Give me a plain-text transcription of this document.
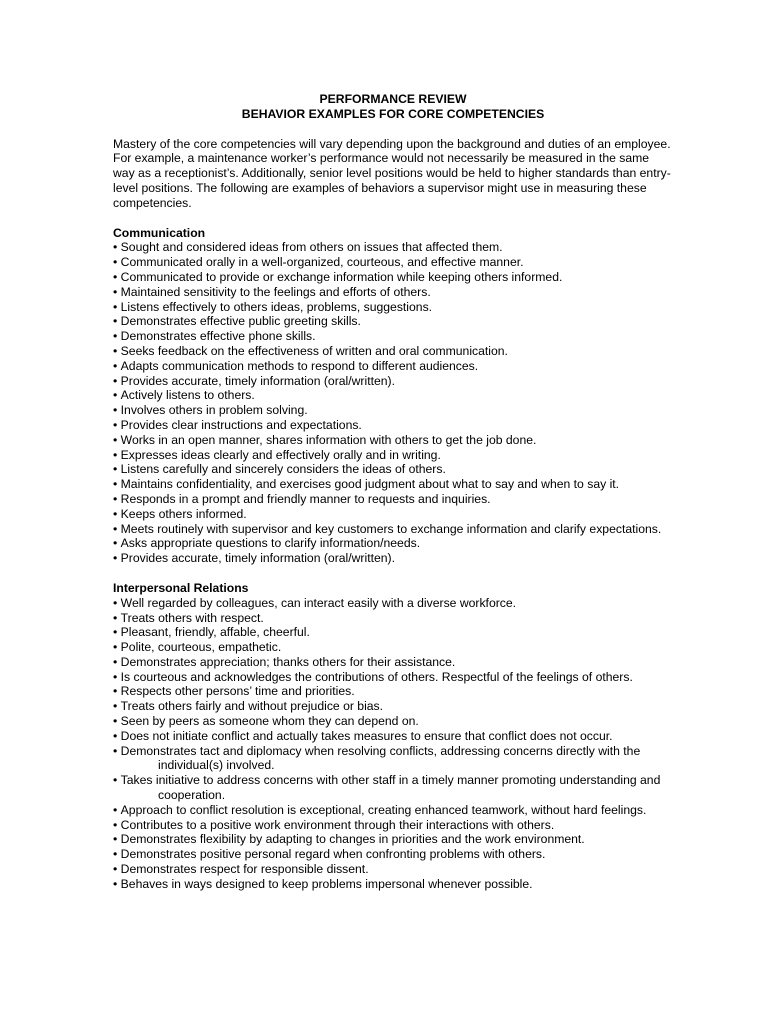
PERFORMANCE REVIEW
BEHAVIOR EXAMPLES FOR CORE COMPETENCIES

Mastery of the core competencies will vary depending upon the background and duties of an employee. For example, a maintenance worker’s performance would not necessarily be measured in the same way as a receptionist’s. Additionally, senior level positions would be held to higher standards than entry-level positions. The following are examples of behaviors a supervisor might use in measuring these competencies.

Communication

• Sought and considered ideas from others on issues that affected them.
• Communicated orally in a well-organized, courteous, and effective manner.
• Communicated to provide or exchange information while keeping others informed.
• Maintained sensitivity to the feelings and efforts of others.
• Listens effectively to others ideas, problems, suggestions.
• Demonstrates effective public greeting skills.
• Demonstrates effective phone skills.
• Seeks feedback on the effectiveness of written and oral communication.
• Adapts communication methods to respond to different audiences.
• Provides accurate, timely information (oral/written).
• Actively listens to others.
• Involves others in problem solving.
• Provides clear instructions and expectations.
• Works in an open manner, shares information with others to get the job done.
• Expresses ideas clearly and effectively orally and in writing.
• Listens carefully and sincerely considers the ideas of others.
• Maintains confidentiality, and exercises good judgment about what to say and when to say it.
• Responds in a prompt and friendly manner to requests and inquiries.
• Keeps others informed.
• Meets routinely with supervisor and key customers to exchange information and clarify expectations.
• Asks appropriate questions to clarify information/needs.
• Provides accurate, timely information (oral/written).

Interpersonal Relations

• Well regarded by colleagues, can interact easily with a diverse workforce.
• Treats others with respect.
• Pleasant, friendly, affable, cheerful.
• Polite, courteous, empathetic.
• Demonstrates appreciation; thanks others for their assistance.
• Is courteous and acknowledges the contributions of others. Respectful of the feelings of others.
• Respects other persons’ time and priorities.
• Treats others fairly and without prejudice or bias.
• Seen by peers as someone whom they can depend on.
• Does not initiate conflict and actually takes measures to ensure that conflict does not occur.
• Demonstrates tact and diplomacy when resolving conflicts, addressing concerns directly with the individual(s) involved.
• Takes initiative to address concerns with other staff in a timely manner promoting understanding and cooperation.
• Approach to conflict resolution is exceptional, creating enhanced teamwork, without hard feelings.
• Contributes to a positive work environment through their interactions with others.
• Demonstrates flexibility by adapting to changes in priorities and the work environment.
• Demonstrates positive personal regard when confronting problems with others.
• Demonstrates respect for responsible dissent.
• Behaves in ways designed to keep problems impersonal whenever possible.
